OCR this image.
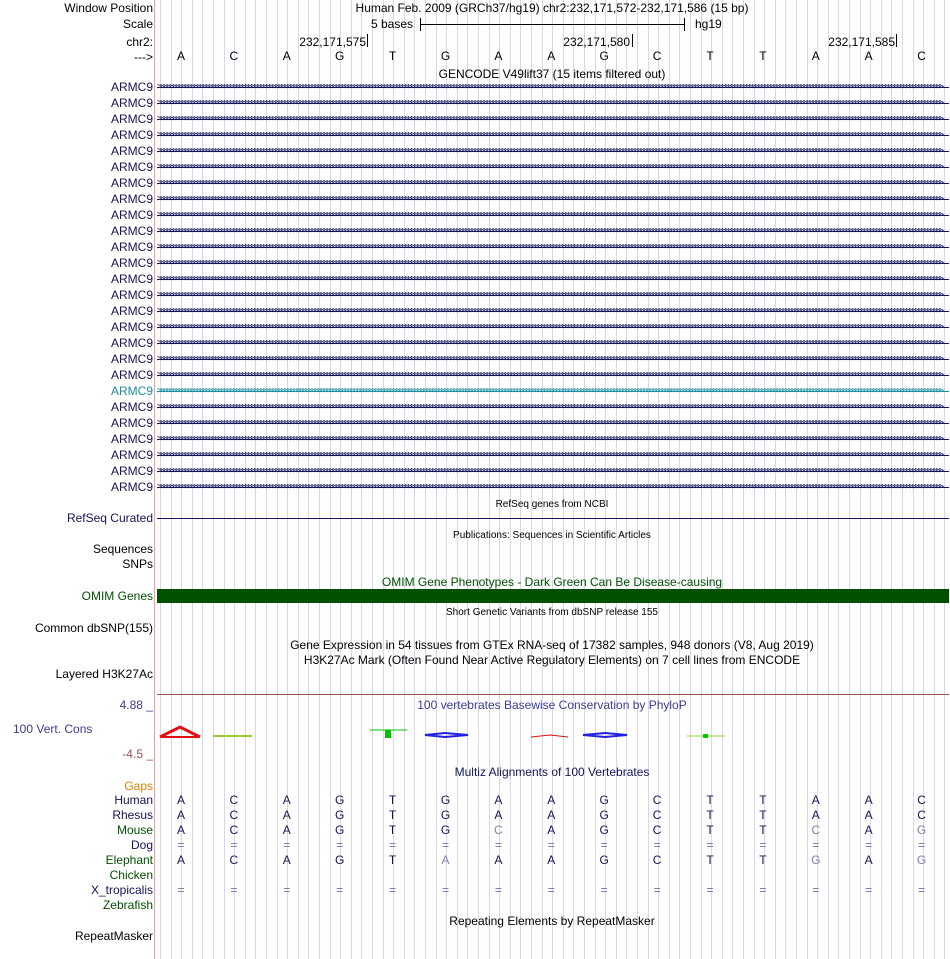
Window Position
Scale
chr2:
--->
Human Feb. 2009 (GRCh37/hg19) chr2:232,171,572-232,171,586 (15 bp)
5 bases	hg19
232,171,575	232,171,580	232,171,585
A	C	A	G	T	G	A	A	G	C	T	T	A	A	C
GENCODE V49lift37 (15 items filtered out)
ARMC9 >>>>>>>>>>>>>>>>>>>>>>>>>>>>>>>>>>>>>>>>>>>>>>>>>>>>>>>>>>>>>>>>>>>>>>>>>>>>>>>>>>>>>>>>>>>>>>>>>>>>>>>>>>>>>>>>>>>>>>>>>>>>>>>>>>>>>>>>>>>>>>>>>>>>>>>>>>>>>>>>>>>>>>>>>>>>>>>>>>>>>>>>>>>>>>>>>>>>>>>>>>>>>>>>>>>>>>>>>>>>>>>>>>>>>>>>>>>>>>>>>>>>>>>>>>>>>>>>>>>>
ARMC9 >>>>>>>>>>>>>>>>>>>>>>>>>>>>>>>>>>>>>>>>>>>>>>>>>>>>>>>>>>>>>>>>>>>>>>>>>>>>>>>>>>>>>>>>>>>>>>>>>>>>>>>>>>>>>>>>>>>>>>>>>>>>>>>>>>>>>>>>>>>>>>>>>>>>>>>>>>>>>>>>>>>>>>>>>>>>>>>>>>>>>>>>>>>>>>>>>>>>>>>>>>>>>>>>>>>>>>>>>>>>>>>>>>>>>>>>>>>>>>>>>>>>>>>>>>>>>>>>>>>>
ARMC9 >>>>>>>>>>>>>>>>>>>>>>>>>>>>>>>>>>>>>>>>>>>>>>>>>>>>>>>>>>>>>>>>>>>>>>>>>>>>>>>>>>>>>>>>>>>>>>>>>>>>>>>>>>>>>>>>>>>>>>>>>>>>>>>>>>>>>>>>>>>>>>>>>>>>>>>>>>>>>>>>>>>>>>>>>>>>>>>>>>>>>>>>>>>>>>>>>>>>>>>>>>>>>>>>>>>>>>>>>>>>>>>>>>>>>>>>>>>>>>>>>>>>>>>>>>>>>>>>>>>>
ARMC9 >>>>>>>>>>>>>>>>>>>>>>>>>>>>>>>>>>>>>>>>>>>>>>>>>>>>>>>>>>>>>>>>>>>>>>>>>>>>>>>>>>>>>>>>>>>>>>>>>>>>>>>>>>>>>>>>>>>>>>>>>>>>>>>>>>>>>>>>>>>>>>>>>>>>>>>>>>>>>>>>>>>>>>>>>>>>>>>>>>>>>>>>>>>>>>>>>>>>>>>>>>>>>>>>>>>>>>>>>>>>>>>>>>>>>>>>>>>>>>>>>>>>>>>>>>>>>>>>>>>>
ARMC9 >>>>>>>>>>>>>>>>>>>>>>>>>>>>>>>>>>>>>>>>>>>>>>>>>>>>>>>>>>>>>>>>>>>>>>>>>>>>>>>>>>>>>>>>>>>>>>>>>>>>>>>>>>>>>>>>>>>>>>>>>>>>>>>>>>>>>>>>>>>>>>>>>>>>>>>>>>>>>>>>>>>>>>>>>>>>>>>>>>>>>>>>>>>>>>>>>>>>>>>>>>>>>>>>>>>>>>>>>>>>>>>>>>>>>>>>>>>>>>>>>>>>>>>>>>>>>>>>>>>>
ARMC9 >>>>>>>>>>>>>>>>>>>>>>>>>>>>>>>>>>>>>>>>>>>>>>>>>>>>>>>>>>>>>>>>>>>>>>>>>>>>>>>>>>>>>>>>>>>>>>>>>>>>>>>>>>>>>>>>>>>>>>>>>>>>>>>>>>>>>>>>>>>>>>>>>>>>>>>>>>>>>>>>>>>>>>>>>>>>>>>>>>>>>>>>>>>>>>>>>>>>>>>>>>>>>>>>>>>>>>>>>>>>>>>>>>>>>>>>>>>>>>>>>>>>>>>>>>>>>>>>>>>>
ARMC9 >>>>>>>>>>>>>>>>>>>>>>>>>>>>>>>>>>>>>>>>>>>>>>>>>>>>>>>>>>>>>>>>>>>>>>>>>>>>>>>>>>>>>>>>>>>>>>>>>>>>>>>>>>>>>>>>>>>>>>>>>>>>>>>>>>>>>>>>>>>>>>>>>>>>>>>>>>>>>>>>>>>>>>>>>>>>>>>>>>>>>>>>>>>>>>>>>>>>>>>>>>>>>>>>>>>>>>>>>>>>>>>>>>>>>>>>>>>>>>>>>>>>>>>>>>>>>>>>>>>>
ARMC9 >>>>>>>>>>>>>>>>>>>>>>>>>>>>>>>>>>>>>>>>>>>>>>>>>>>>>>>>>>>>>>>>>>>>>>>>>>>>>>>>>>>>>>>>>>>>>>>>>>>>>>>>>>>>>>>>>>>>>>>>>>>>>>>>>>>>>>>>>>>>>>>>>>>>>>>>>>>>>>>>>>>>>>>>>>>>>>>>>>>>>>>>>>>>>>>>>>>>>>>>>>>>>>>>>>>>>>>>>>>>>>>>>>>>>>>>>>>>>>>>>>>>>>>>>>>>>>>>>>>>
ARMC9 >>>>>>>>>>>>>>>>>>>>>>>>>>>>>>>>>>>>>>>>>>>>>>>>>>>>>>>>>>>>>>>>>>>>>>>>>>>>>>>>>>>>>>>>>>>>>>>>>>>>>>>>>>>>>>>>>>>>>>>>>>>>>>>>>>>>>>>>>>>>>>>>>>>>>>>>>>>>>>>>>>>>>>>>>>>>>>>>>>>>>>>>>>>>>>>>>>>>>>>>>>>>>>>>>>>>>>>>>>>>>>>>>>>>>>>>>>>>>>>>>>>>>>>>>>>>>>>>>>>>
ARMC9 >>>>>>>>>>>>>>>>>>>>>>>>>>>>>>>>>>>>>>>>>>>>>>>>>>>>>>>>>>>>>>>>>>>>>>>>>>>>>>>>>>>>>>>>>>>>>>>>>>>>>>>>>>>>>>>>>>>>>>>>>>>>>>>>>>>>>>>>>>>>>>>>>>>>>>>>>>>>>>>>>>>>>>>>>>>>>>>>>>>>>>>>>>>>>>>>>>>>>>>>>>>>>>>>>>>>>>>>>>>>>>>>>>>>>>>>>>>>>>>>>>>>>>>>>>>>>>>>>>>>
ARMC9 >>>>>>>>>>>>>>>>>>>>>>>>>>>>>>>>>>>>>>>>>>>>>>>>>>>>>>>>>>>>>>>>>>>>>>>>>>>>>>>>>>>>>>>>>>>>>>>>>>>>>>>>>>>>>>>>>>>>>>>>>>>>>>>>>>>>>>>>>>>>>>>>>>>>>>>>>>>>>>>>>>>>>>>>>>>>>>>>>>>>>>>>>>>>>>>>>>>>>>>>>>>>>>>>>>>>>>>>>>>>>>>>>>>>>>>>>>>>>>>>>>>>>>>>>>>>>>>>>>>>
ARMC9 >>>>>>>>>>>>>>>>>>>>>>>>>>>>>>>>>>>>>>>>>>>>>>>>>>>>>>>>>>>>>>>>>>>>>>>>>>>>>>>>>>>>>>>>>>>>>>>>>>>>>>>>>>>>>>>>>>>>>>>>>>>>>>>>>>>>>>>>>>>>>>>>>>>>>>>>>>>>>>>>>>>>>>>>>>>>>>>>>>>>>>>>>>>>>>>>>>>>>>>>>>>>>>>>>>>>>>>>>>>>>>>>>>>>>>>>>>>>>>>>>>>>>>>>>>>>>>>>>>>>
ARMC9 >>>>>>>>>>>>>>>>>>>>>>>>>>>>>>>>>>>>>>>>>>>>>>>>>>>>>>>>>>>>>>>>>>>>>>>>>>>>>>>>>>>>>>>>>>>>>>>>>>>>>>>>>>>>>>>>>>>>>>>>>>>>>>>>>>>>>>>>>>>>>>>>>>>>>>>>>>>>>>>>>>>>>>>>>>>>>>>>>>>>>>>>>>>>>>>>>>>>>>>>>>>>>>>>>>>>>>>>>>>>>>>>>>>>>>>>>>>>>>>>>>>>>>>>>>>>>>>>>>>>
ARMC9 >>>>>>>>>>>>>>>>>>>>>>>>>>>>>>>>>>>>>>>>>>>>>>>>>>>>>>>>>>>>>>>>>>>>>>>>>>>>>>>>>>>>>>>>>>>>>>>>>>>>>>>>>>>>>>>>>>>>>>>>>>>>>>>>>>>>>>>>>>>>>>>>>>>>>>>>>>>>>>>>>>>>>>>>>>>>>>>>>>>>>>>>>>>>>>>>>>>>>>>>>>>>>>>>>>>>>>>>>>>>>>>>>>>>>>>>>>>>>>>>>>>>>>>>>>>>>>>>>>>>
ARMC9 >>>>>>>>>>>>>>>>>>>>>>>>>>>>>>>>>>>>>>>>>>>>>>>>>>>>>>>>>>>>>>>>>>>>>>>>>>>>>>>>>>>>>>>>>>>>>>>>>>>>>>>>>>>>>>>>>>>>>>>>>>>>>>>>>>>>>>>>>>>>>>>>>>>>>>>>>>>>>>>>>>>>>>>>>>>>>>>>>>>>>>>>>>>>>>>>>>>>>>>>>>>>>>>>>>>>>>>>>>>>>>>>>>>>>>>>>>>>>>>>>>>>>>>>>>>>>>>>>>>>
ARMC9 >>>>>>>>>>>>>>>>>>>>>>>>>>>>>>>>>>>>>>>>>>>>>>>>>>>>>>>>>>>>>>>>>>>>>>>>>>>>>>>>>>>>>>>>>>>>>>>>>>>>>>>>>>>>>>>>>>>>>>>>>>>>>>>>>>>>>>>>>>>>>>>>>>>>>>>>>>>>>>>>>>>>>>>>>>>>>>>>>>>>>>>>>>>>>>>>>>>>>>>>>>>>>>>>>>>>>>>>>>>>>>>>>>>>>>>>>>>>>>>>>>>>>>>>>>>>>>>>>>>>
ARMC9 >>>>>>>>>>>>>>>>>>>>>>>>>>>>>>>>>>>>>>>>>>>>>>>>>>>>>>>>>>>>>>>>>>>>>>>>>>>>>>>>>>>>>>>>>>>>>>>>>>>>>>>>>>>>>>>>>>>>>>>>>>>>>>>>>>>>>>>>>>>>>>>>>>>>>>>>>>>>>>>>>>>>>>>>>>>>>>>>>>>>>>>>>>>>>>>>>>>>>>>>>>>>>>>>>>>>>>>>>>>>>>>>>>>>>>>>>>>>>>>>>>>>>>>>>>>>>>>>>>>>
ARMC9 >>>>>>>>>>>>>>>>>>>>>>>>>>>>>>>>>>>>>>>>>>>>>>>>>>>>>>>>>>>>>>>>>>>>>>>>>>>>>>>>>>>>>>>>>>>>>>>>>>>>>>>>>>>>>>>>>>>>>>>>>>>>>>>>>>>>>>>>>>>>>>>>>>>>>>>>>>>>>>>>>>>>>>>>>>>>>>>>>>>>>>>>>>>>>>>>>>>>>>>>>>>>>>>>>>>>>>>>>>>>>>>>>>>>>>>>>>>>>>>>>>>>>>>>>>>>>>>>>>>>
ARMC9 >>>>>>>>>>>>>>>>>>>>>>>>>>>>>>>>>>>>>>>>>>>>>>>>>>>>>>>>>>>>>>>>>>>>>>>>>>>>>>>>>>>>>>>>>>>>>>>>>>>>>>>>>>>>>>>>>>>>>>>>>>>>>>>>>>>>>>>>>>>>>>>>>>>>>>>>>>>>>>>>>>>>>>>>>>>>>>>>>>>>>>>>>>>>>>>>>>>>>>>>>>>>>>>>>>>>>>>>>>>>>>>>>>>>>>>>>>>>>>>>>>>>>>>>>>>>>>>>>>>>
ARMC9 >>>>>>>>>>>>>>>>>>>>>>>>>>>>>>>>>>>>>>>>>>>>>>>>>>>>>>>>>>>>>>>>>>>>>>>>>>>>>>>>>>>>>>>>>>>>>>>>>>>>>>>>>>>>>>>>>>>>>>>>>>>>>>>>>>>>>>>>>>>>>>>>>>>>>>>>>>>>>>>>>>>>>>>>>>>>>>>>>>>>>>>>>>>>>>>>>>>>>>>>>>>>>>>>>>>>>>>>>>>>>>>>>>>>>>>>>>>>>>>>>>>>>>>>>>>>>>>>>>>>
ARMC9 >>>>>>>>>>>>>>>>>>>>>>>>>>>>>>>>>>>>>>>>>>>>>>>>>>>>>>>>>>>>>>>>>>>>>>>>>>>>>>>>>>>>>>>>>>>>>>>>>>>>>>>>>>>>>>>>>>>>>>>>>>>>>>>>>>>>>>>>>>>>>>>>>>>>>>>>>>>>>>>>>>>>>>>>>>>>>>>>>>>>>>>>>>>>>>>>>>>>>>>>>>>>>>>>>>>>>>>>>>>>>>>>>>>>>>>>>>>>>>>>>>>>>>>>>>>>>>>>>>>>
ARMC9 >>>>>>>>>>>>>>>>>>>>>>>>>>>>>>>>>>>>>>>>>>>>>>>>>>>>>>>>>>>>>>>>>>>>>>>>>>>>>>>>>>>>>>>>>>>>>>>>>>>>>>>>>>>>>>>>>>>>>>>>>>>>>>>>>>>>>>>>>>>>>>>>>>>>>>>>>>>>>>>>>>>>>>>>>>>>>>>>>>>>>>>>>>>>>>>>>>>>>>>>>>>>>>>>>>>>>>>>>>>>>>>>>>>>>>>>>>>>>>>>>>>>>>>>>>>>>>>>>>>>
ARMC9 >>>>>>>>>>>>>>>>>>>>>>>>>>>>>>>>>>>>>>>>>>>>>>>>>>>>>>>>>>>>>>>>>>>>>>>>>>>>>>>>>>>>>>>>>>>>>>>>>>>>>>>>>>>>>>>>>>>>>>>>>>>>>>>>>>>>>>>>>>>>>>>>>>>>>>>>>>>>>>>>>>>>>>>>>>>>>>>>>>>>>>>>>>>>>>>>>>>>>>>>>>>>>>>>>>>>>>>>>>>>>>>>>>>>>>>>>>>>>>>>>>>>>>>>>>>>>>>>>>>>
ARMC9 >>>>>>>>>>>>>>>>>>>>>>>>>>>>>>>>>>>>>>>>>>>>>>>>>>>>>>>>>>>>>>>>>>>>>>>>>>>>>>>>>>>>>>>>>>>>>>>>>>>>>>>>>>>>>>>>>>>>>>>>>>>>>>>>>>>>>>>>>>>>>>>>>>>>>>>>>>>>>>>>>>>>>>>>>>>>>>>>>>>>>>>>>>>>>>>>>>>>>>>>>>>>>>>>>>>>>>>>>>>>>>>>>>>>>>>>>>>>>>>>>>>>>>>>>>>>>>>>>>>>
ARMC9 >>>>>>>>>>>>>>>>>>>>>>>>>>>>>>>>>>>>>>>>>>>>>>>>>>>>>>>>>>>>>>>>>>>>>>>>>>>>>>>>>>>>>>>>>>>>>>>>>>>>>>>>>>>>>>>>>>>>>>>>>>>>>>>>>>>>>>>>>>>>>>>>>>>>>>>>>>>>>>>>>>>>>>>>>>>>>>>>>>>>>>>>>>>>>>>>>>>>>>>>>>>>>>>>>>>>>>>>>>>>>>>>>>>>>>>>>>>>>>>>>>>>>>>>>>>>>>>>>>>>
ARMC9 >>>>>>>>>>>>>>>>>>>>>>>>>>>>>>>>>>>>>>>>>>>>>>>>>>>>>>>>>>>>>>>>>>>>>>>>>>>>>>>>>>>>>>>>>>>>>>>>>>>>>>>>>>>>>>>>>>>>>>>>>>>>>>>>>>>>>>>>>>>>>>>>>>>>>>>>>>>>>>>>>>>>>>>>>>>>>>>>>>>>>>>>>>>>>>>>>>>>>>>>>>>>>>>>>>>>>>>>>>>>>>>>>>>>>>>>>>>>>>>>>>>>>>>>>>>>>>>>>>>>
RefSeq genes from NCBI
RefSeq Curated
Publications: Sequences in Scientific Articles
Sequences
SNPs
OMIM Gene Phenotypes - Dark Green Can Be Disease-causing
OMIM Genes
Short Genetic Variants from dbSNP release 155
Common dbSNP(155)
Gene Expression in 54 tissues from GTEx RNA-seq of 17382 samples, 948 donors (V8, Aug 2019)
H3K27Ac Mark (Often Found Near Active Regulatory Elements) on 7 cell lines from ENCODE
Layered H3K27Ac
100 vertebrates Basewise Conservation by PhyloP
4.88 _
100 Vert. Cons
-4.5 _
Multiz Alignments of 100 Vertebrates
Gaps
Human	A	C	A	G	T	G	A	A	G	C	T	T	A	A	C
Rhesus	A	C	A	G	T	G	A	A	G	C	T	T	A	A	C
Mouse	A	C	A	G	T	G	C	A	G	C	T	T	C	A	G
Dog	=	=	=	=	=	=	=	=	=	=	=	=	=	=	=
Elephant	A	C	A	G	T	A	A	A	G	C	T	T	G	A	G
Chicken
X_tropicalis	=	=	=	=	=	=	=	=	=	=	=	=	=	=	=
Zebrafish
Repeating Elements by RepeatMasker
RepeatMasker
